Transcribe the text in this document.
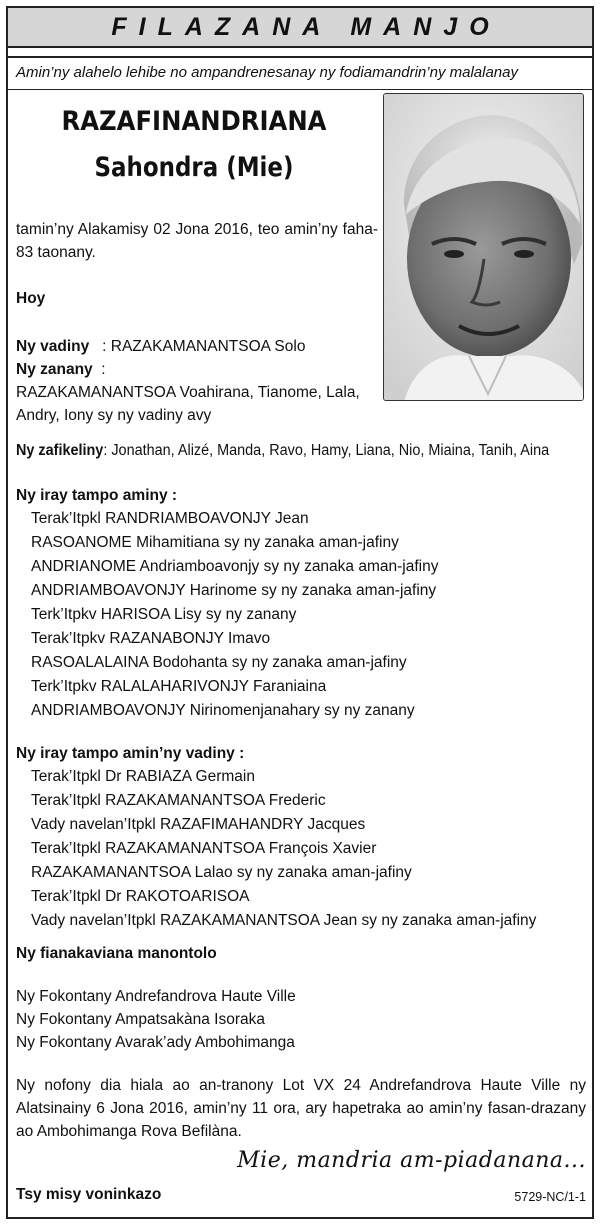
FILAZANA MANJO
Amin’ny alahelo lehibe no ampandrenesanay ny fodiamandrin’ny malalanay
RAZAFINANDRIANA
Sahondra (Mie)
tamin’ny Alakamisy 02 Jona 2016, teo amin’ny faha-83 taonany.
Hoy
Ny vadiny : RAZAKAMANANTSOA Solo
Ny zanany :
RAZAKAMANANTSOA Voahirana, Tianome, Lala, Andry, Iony sy ny vadiny avy
Ny zafikeliny: Jonathan, Alizé, Manda, Ravo, Hamy, Liana, Nio, Miaina, Tanih, Aina
Ny iray tampo aminy :
Terak’Itpkl RANDRIAMBOAVONJY Jean
RASOANOME Mihamitiana sy ny zanaka aman-jafiny
ANDRIANOME Andriamboavonjy sy ny zanaka aman-jafiny
ANDRIAMBOAVONJY Harinome sy ny zanaka aman-jafiny
Terk’Itpkv HARISOA Lisy sy ny zanany
Terak’Itpkv RAZANABONJY Imavo
RASOALALAINA Bodohanta sy ny zanaka aman-jafiny
Terk’Itpkv RALALAHARIVONJY Faraniaina
ANDRIAMBOAVONJY Nirinomenjanahary sy ny zanany
Ny iray tampo amin’ny vadiny :
Terak’Itpkl Dr RABIAZA Germain
Terak’Itpkl RAZAKAMANANTSOA Frederic
Vady navelan’Itpkl RAZAFIMAHANDRY Jacques
Terak’Itpkl RAZAKAMANANTSOA François Xavier
RAZAKAMANANTSOA Lalao sy ny zanaka aman-jafiny
Terak’Itpkl Dr RAKOTOARISOA
Vady navelan’Itpkl RAZAKAMANANTSOA Jean sy ny zanaka aman-jafiny
Ny fianakaviana manontolo
Ny Fokontany Andrefandrova Haute Ville
Ny Fokontany Ampatsakàna Isoraka
Ny Fokontany Avarak’ady Ambohimanga
Ny nofony dia hiala ao an-tranony Lot VX 24 Andrefandrova Haute Ville ny Alatsinainy 6 Jona 2016, amin’ny 11 ora, ary hapetraka ao amin’ny fasan-drazany ao Ambohimanga Rova Befilàna.
Mie, mandria am-piadanana...
Tsy misy voninkazo	5729-NC/1-1
